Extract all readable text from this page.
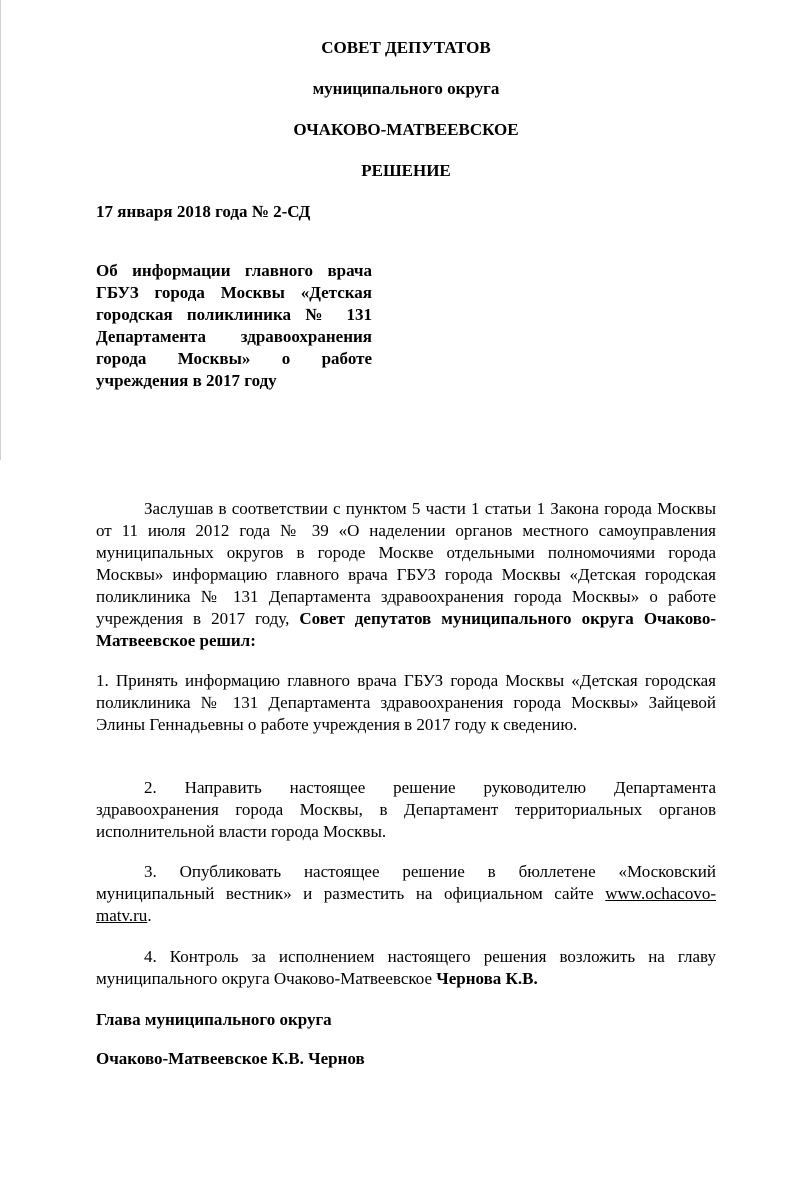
СОВЕТ ДЕПУТАТОВ

муниципального округа

ОЧАКОВО-МАТВЕЕВСКОЕ

РЕШЕНИЕ

17 января 2018 года № 2-СД

Об информации главного врача ГБУЗ города Москвы «Детская городская поликлиника № 131 Департамента здравоохранения города Москвы» о работе учреждения в 2017 году

Заслушав в соответствии с пунктом 5 части 1 статьи 1 Закона города Москвы от 11 июля 2012 года № 39 «О наделении органов местного самоуправления муниципальных округов в городе Москве отдельными полномочиями города Москвы» информацию главного врача ГБУЗ города Москвы «Детская городская поликлиника № 131 Департамента здравоохранения города Москвы» о работе учреждения в 2017 году, Совет депутатов муниципального округа Очаково-Матвеевское решил:

1. Принять информацию главного врача ГБУЗ города Москвы «Детская городская поликлиника № 131 Департамента здравоохранения города Москвы» Зайцевой Элины Геннадьевны о работе учреждения в 2017 году к сведению.

2. Направить настоящее решение руководителю Департамента здравоохранения города Москвы, в Департамент территориальных органов исполнительной власти города Москвы.

3. Опубликовать настоящее решение в бюллетене «Московский муниципальный вестник» и разместить на официальном сайте www.ochacovo-matv.ru.

4. Контроль за исполнением настоящего решения возложить на главу муниципального округа Очаково-Матвеевское Чернова К.В.

Глава муниципального округа

Очаково-Матвеевское К.В. Чернов
